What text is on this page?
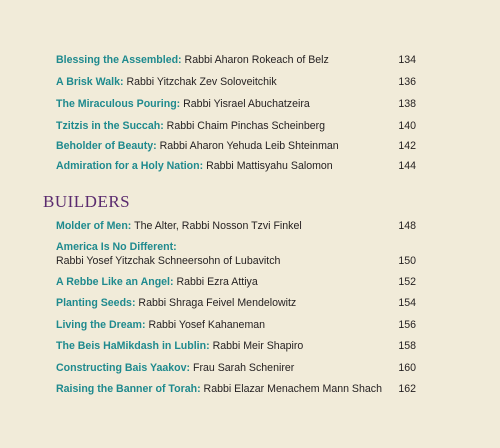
Blessing the Assembled: Rabbi Aharon Rokeach of Belz	134
A Brisk Walk: Rabbi Yitzchak Zev Soloveitchik	136
The Miraculous Pouring: Rabbi Yisrael Abuchatzeira	138
Tzitzis in the Succah: Rabbi Chaim Pinchas Scheinberg	140
Beholder of Beauty: Rabbi Aharon Yehuda Leib Shteinman	142
Admiration for a Holy Nation: Rabbi Mattisyahu Salomon	144
BUILDERS
Molder of Men: The Alter, Rabbi Nosson Tzvi Finkel	148
America Is No Different:
Rabbi Yosef Yitzchak Schneersohn of Lubavitch	150
A Rebbe Like an Angel: Rabbi Ezra Attiya	152
Planting Seeds: Rabbi Shraga Feivel Mendelowitz	154
Living the Dream: Rabbi Yosef Kahaneman	156
The Beis HaMikdash in Lublin: Rabbi Meir Shapiro	158
Constructing Bais Yaakov: Frau Sarah Schenirer	160
Raising the Banner of Torah: Rabbi Elazar Menachem Mann Shach 162
